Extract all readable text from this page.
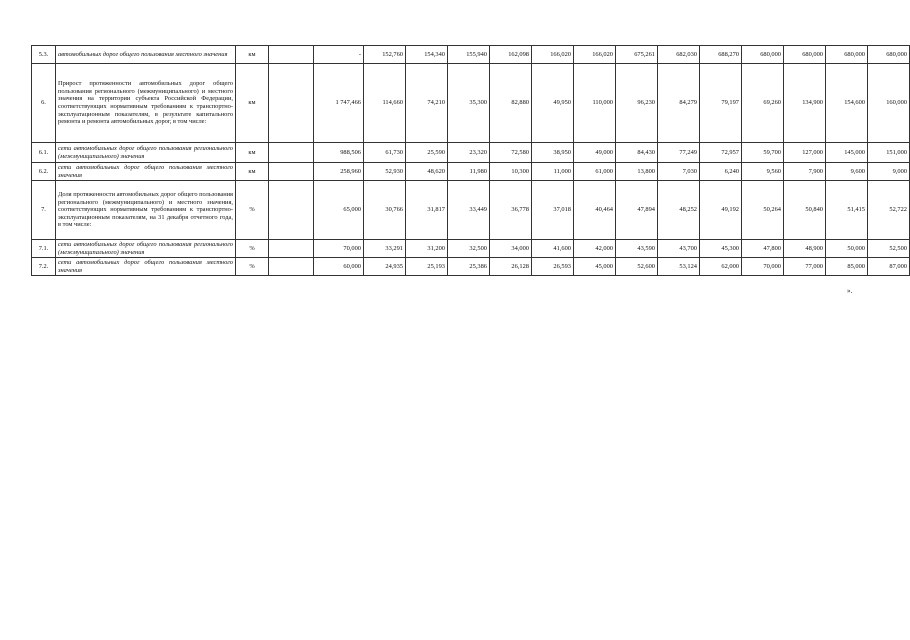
5.3.	автомобильных дорог общего пользования местного значения	км		-	152,760	154,340	155,940	162,098	166,020	166,020	675,261	682,030	688,270	680,000	680,000	680,000	680,000
6.	Прирост протяженности автомобильных дорог общего пользования регионального (межмуниципального) и местного значения на территории субъекта Российской Федерации, соответствующих нормативным требованиям к транспортно-эксплуатационным показателям, в результате капитального ремонта и ремонта автомобильных дорог, в том числе:	км		1 747,466	114,660	74,210	35,300	82,880	49,950	110,000	96,230	84,279	79,197	69,260	134,900	154,600	160,000
6.1.	сети автомобильных дорог общего пользования регионального (межмуниципального) значения	км		988,506	61,730	25,590	23,320	72,580	38,950	49,000	84,430	77,249	72,957	59,700	127,000	145,000	151,000
6.2.	сети автомобильных дорог общего пользования местного значения	км		258,960	52,930	48,620	11,980	10,300	11,000	61,000	13,800	7,030	6,240	9,560	7,900	9,600	9,000
7.	Доля протяженности автомобильных дорог общего пользования регионального (межмуниципального) и местного значения, соответствующих нормативным требованиям к транспортно-эксплуатационным показателям, на 31 декабря отчетного года, в том числе:	%		65,000	30,766	31,817	33,449	36,778	37,018	40,464	47,894	48,252	49,192	50,264	50,840	51,415	52,722
7.1.	сети автомобильных дорог общего пользования регионального (межмуниципального) значения	%		70,000	33,291	31,200	32,500	34,000	41,600	42,000	43,590	43,700	45,300	47,800	48,900	50,000	52,500
7.2.	сети автомобильных дорог общего пользования местного значения	%		60,000	24,935	25,193	25,386	26,128	26,593	45,000	52,600	53,124	62,000	70,000	77,000	85,000	87,000
».
